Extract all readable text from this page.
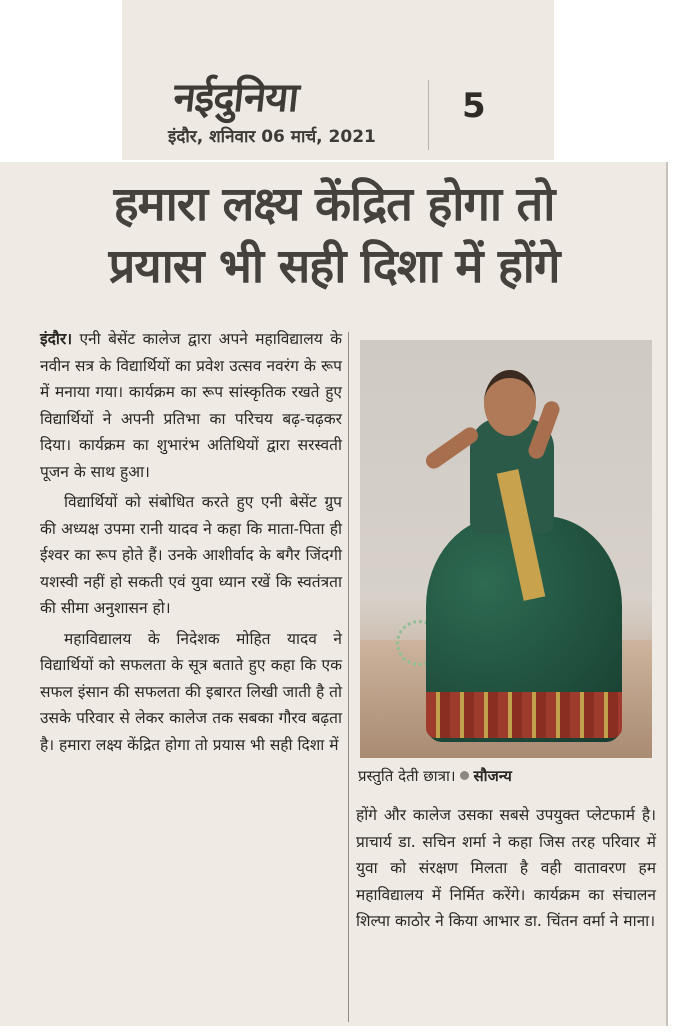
नईदुनिया
इंदौर, शनिवार 06 मार्च, 2021
5
हमारा लक्ष्य केंद्रित होगा तो
प्रयास भी सही दिशा में होंगे

इंदौर। एनी बेसेंट कालेज द्वारा अपने महाविद्यालय के नवीन सत्र के विद्यार्थियों का प्रवेश उत्सव नवरंग के रूप में मनाया गया। कार्यक्रम का रूप सांस्कृतिक रखते हुए विद्यार्थियों ने अपनी प्रतिभा का परिचय बढ़-चढ़कर दिया। कार्यक्रम का शुभारंभ अतिथियों द्वारा सरस्वती पूजन के साथ हुआ।

विद्यार्थियों को संबोधित करते हुए एनी बेसेंट ग्रुप की अध्यक्ष उपमा रानी यादव ने कहा कि माता-पिता ही ईश्वर का रूप होते हैं। उनके आशीर्वाद के बगैर जिंदगी यशस्वी नहीं हो सकती एवं युवा ध्यान रखें कि स्वतंत्रता की सीमा अनुशासन हो।

महाविद्यालय के निदेशक मोहित यादव ने विद्यार्थियों को सफलता के सूत्र बताते हुए कहा कि एक सफल इंसान की सफलता की इबारत लिखी जाती है तो उसके परिवार से लेकर कालेज तक सबका गौरव बढ़ता है। हमारा लक्ष्य केंद्रित होगा तो प्रयास भी सही दिशा में

प्रस्तुति देती छात्रा। सौजन्य

होंगे और कालेज उसका सबसे उपयुक्त प्लेटफार्म है। प्राचार्य डा. सचिन शर्मा ने कहा जिस तरह परिवार में युवा को संरक्षण मिलता है वही वातावरण हम महाविद्यालय में निर्मित करेंगे। कार्यक्रम का संचालन शिल्पा काठोर ने किया आभार डा. चिंतन वर्मा ने माना।
